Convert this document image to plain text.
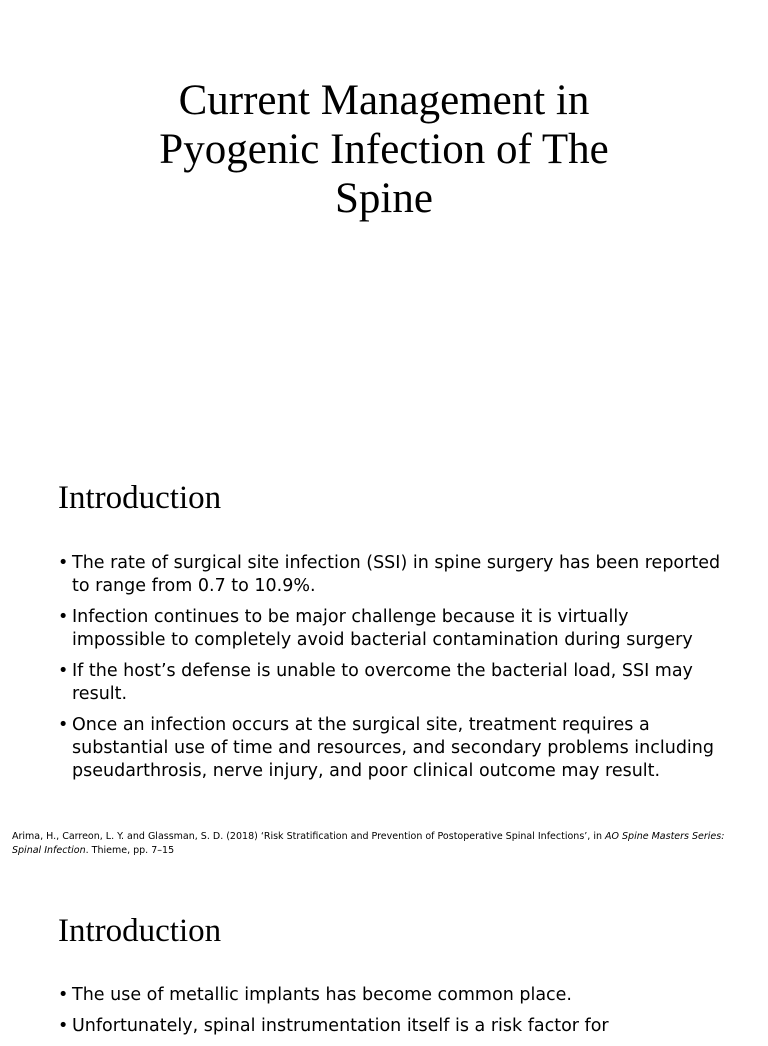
Current Management in
Pyogenic Infection of The
Spine
Introduction
• The rate of surgical site infection (SSI) in spine surgery has been reported
to range from 0.7 to 10.9%.
• Infection continues to be major challenge because it is virtually
impossible to completely avoid bacterial contamination during surgery
• If the host’s defense is unable to overcome the bacterial load, SSI may
result.
• Once an infection occurs at the surgical site, treatment requires a
substantial use of time and resources, and secondary problems including
pseudarthrosis, nerve injury, and poor clinical outcome may result.

Arima, H., Carreon, L. Y. and Glassman, S. D. (2018) ‘Risk Stratification and Prevention of Postoperative Spinal Infections’, in AO Spine Masters Series:
Spinal Infection. Thieme, pp. 7–15

Introduction
• The use of metallic implants has become common place.
• Unfortunately, spinal instrumentation itself is a risk factor for
